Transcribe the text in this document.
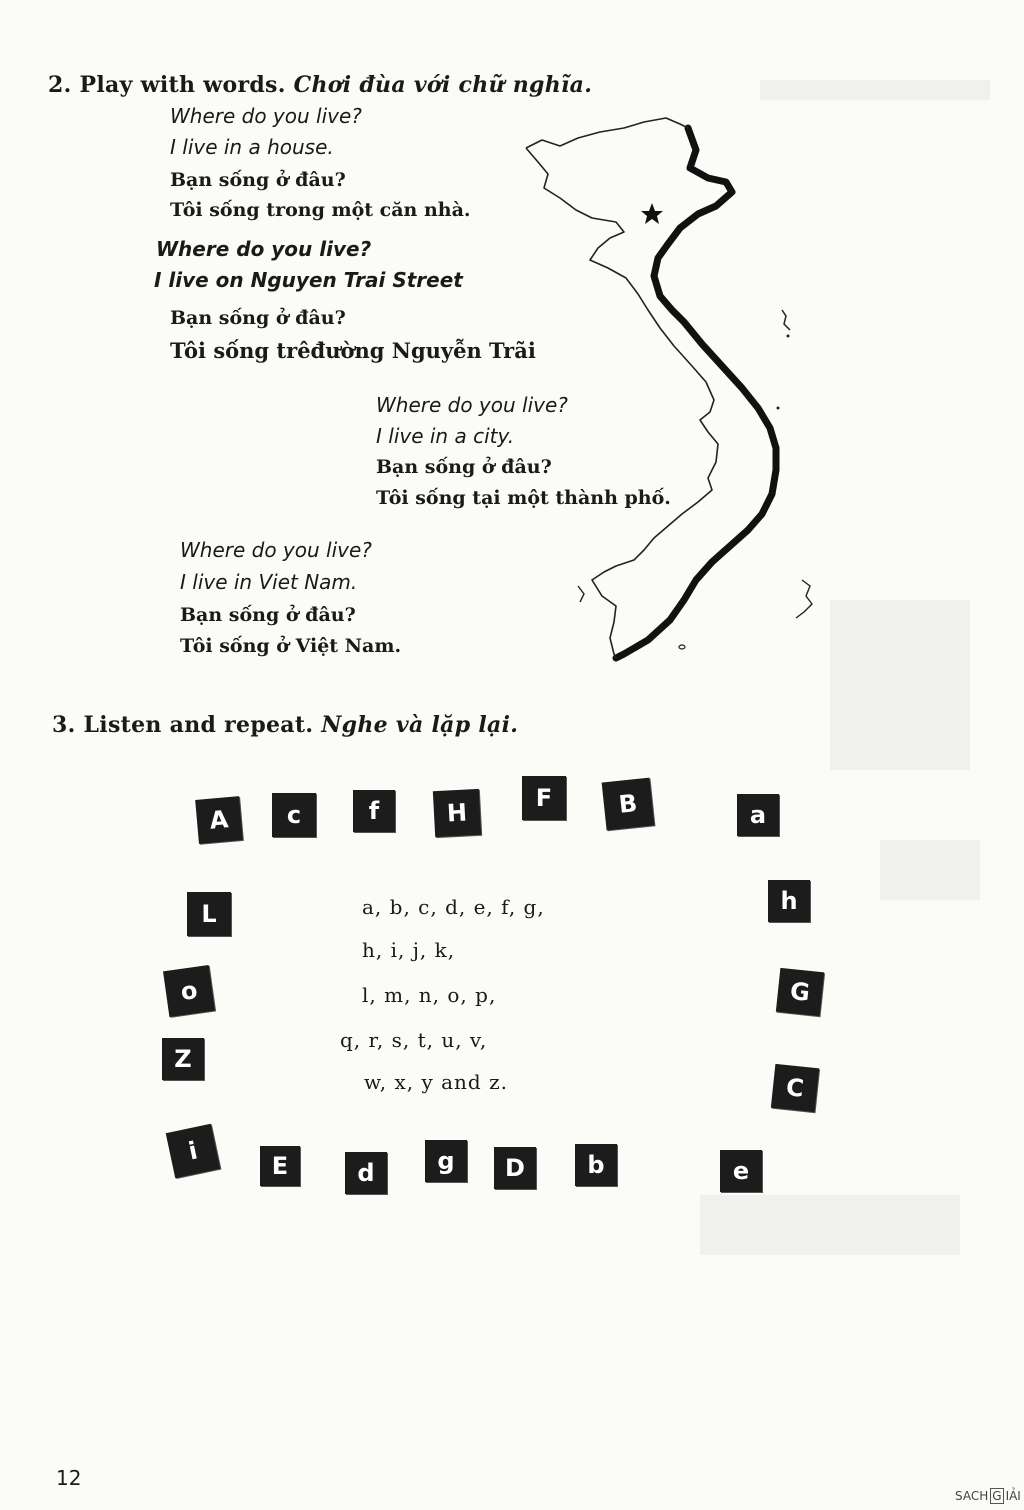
2. Play with words. Chơi đùa với chữ nghĩa.
Where do you live?
I live in a house.
Bạn sống ở đâu?
Tôi sống trong một căn nhà.
Where do you live?
I live on Nguyen Trai Street
Bạn sống ở đâu?
Tôi sống trêđường Nguyễn Trãi
Where do you live?
I live in a city.
Bạn sống ở đâu?
Tôi sống tại một thành phố.
Where do you live?
I live in Viet Nam.
Bạn sống ở đâu?
Tôi sống ở Việt Nam.
3. Listen and repeat. Nghe và lặp lại.
a, b, c, d, e, f, g,
h, i, j, k,
l, m, n, o, p,
q, r, s, t, u, v,
w, x, y and z.
A	c	f	H
F	B	a
L	h
o	G
Z
C
i
E	d	g	D	b	e
12
SACH G IẢI
